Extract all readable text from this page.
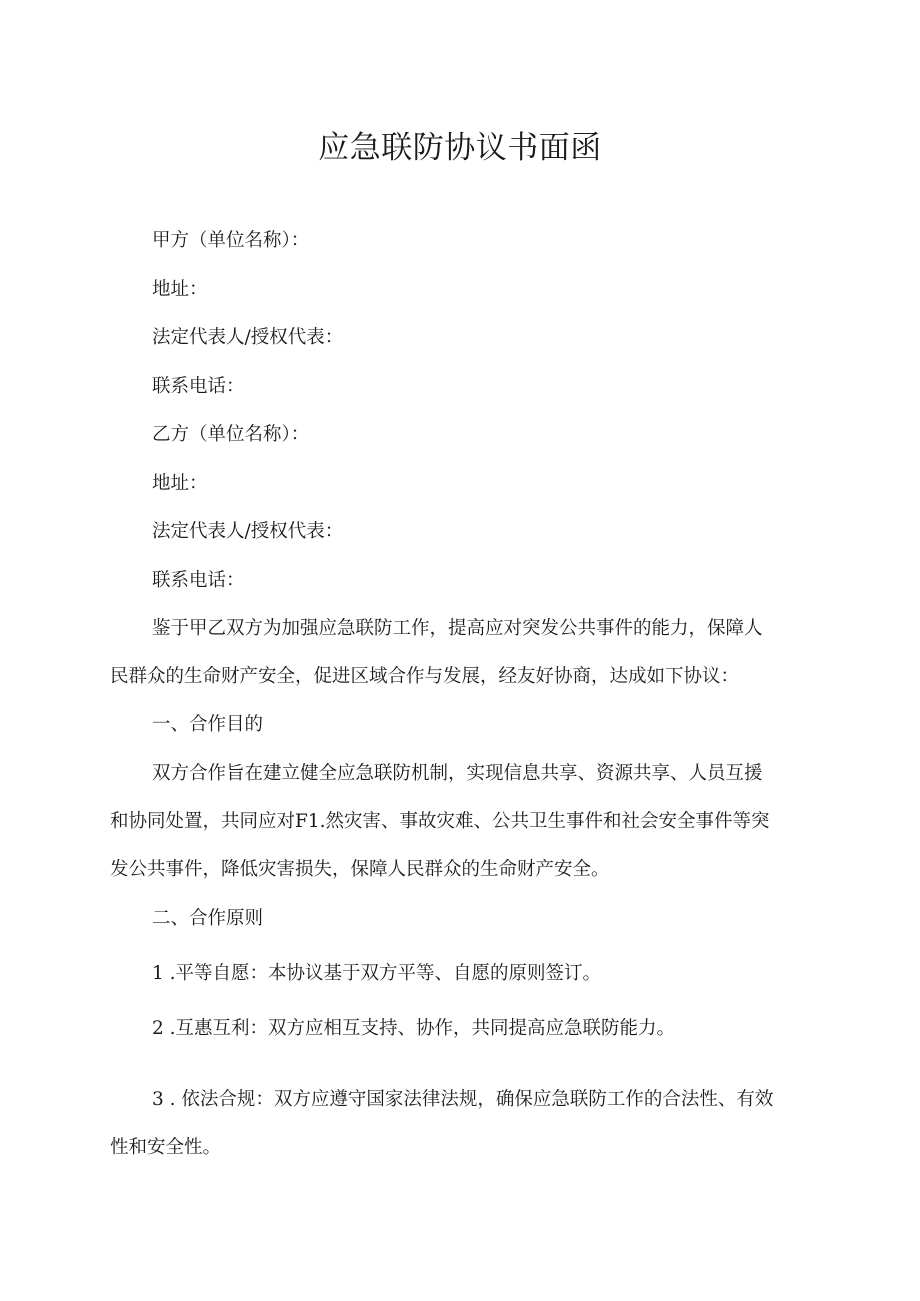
应急联防协议书面函

甲方（单位名称）：

地址：

法定代表人/授权代表：

联系电话：

乙方（单位名称）：

地址：

法定代表人/授权代表：

联系电话：

鉴于甲乙双方为加强应急联防工作，提高应对突发公共事件的能力，保障人

民群众的生命财产安全，促进区域合作与发展，经友好协商，达成如下协议：

一、合作目的

双方合作旨在建立健全应急联防机制，实现信息共享、资源共享、人员互援

和协同处置，共同应对F1.然灾害、事故灾难、公共卫生事件和社会安全事件等突

发公共事件，降低灾害损失，保障人民群众的生命财产安全。

二、合作原则

1 .平等自愿：本协议基于双方平等、自愿的原则签订。

2 .互惠互利：双方应相互支持、协作，共同提高应急联防能力。

3 . 依法合规：双方应遵守国家法律法规，确保应急联防工作的合法性、有效

性和安全性。
